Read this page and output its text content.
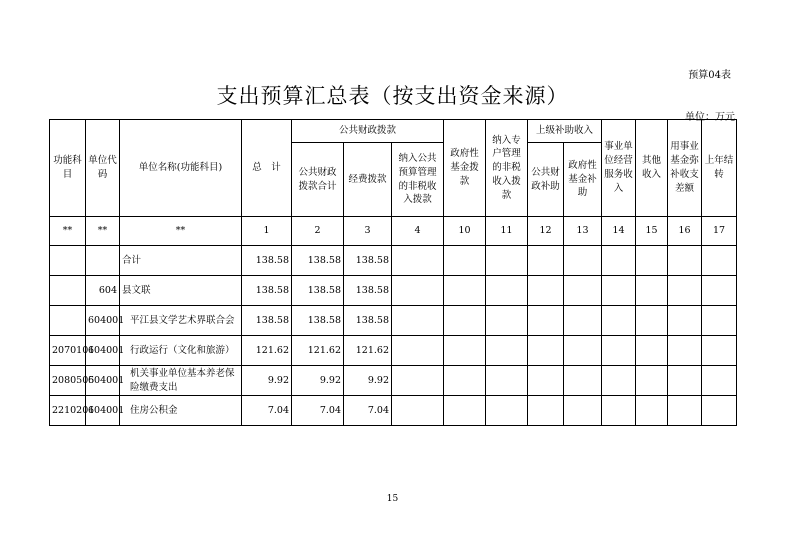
预算04表
支出预算汇总表（按支出资金来源）
单位：万元
功能科目	单位代码	单位名称(功能科目)	总　计	公共财政拨款			政府性基金拨款	纳入专户管理的非税收入拨款	上级补助收入		事业单位经营服务收入	其他收入	用事业基金弥补收支差额	上年结转
				公共财政拨款合计	经费拨款	纳入公共预算管理的非税收入拨款			公共财政补助	政府性基金补助				
**	**	**	1	2	3	4	10	11	12	13	14	15	16	17
		合计	138.58	138.58	138.58									
	604	县文联	138.58	138.58	138.58									
	604001	平江县文学艺术界联合会	138.58	138.58	138.58									
2070101	604001	行政运行（文化和旅游）	121.62	121.62	121.62									
2080505	604001	机关事业单位基本养老保险缴费支出	9.92	9.92	9.92									
2210201	604001	住房公积金	7.04	7.04	7.04									
15
